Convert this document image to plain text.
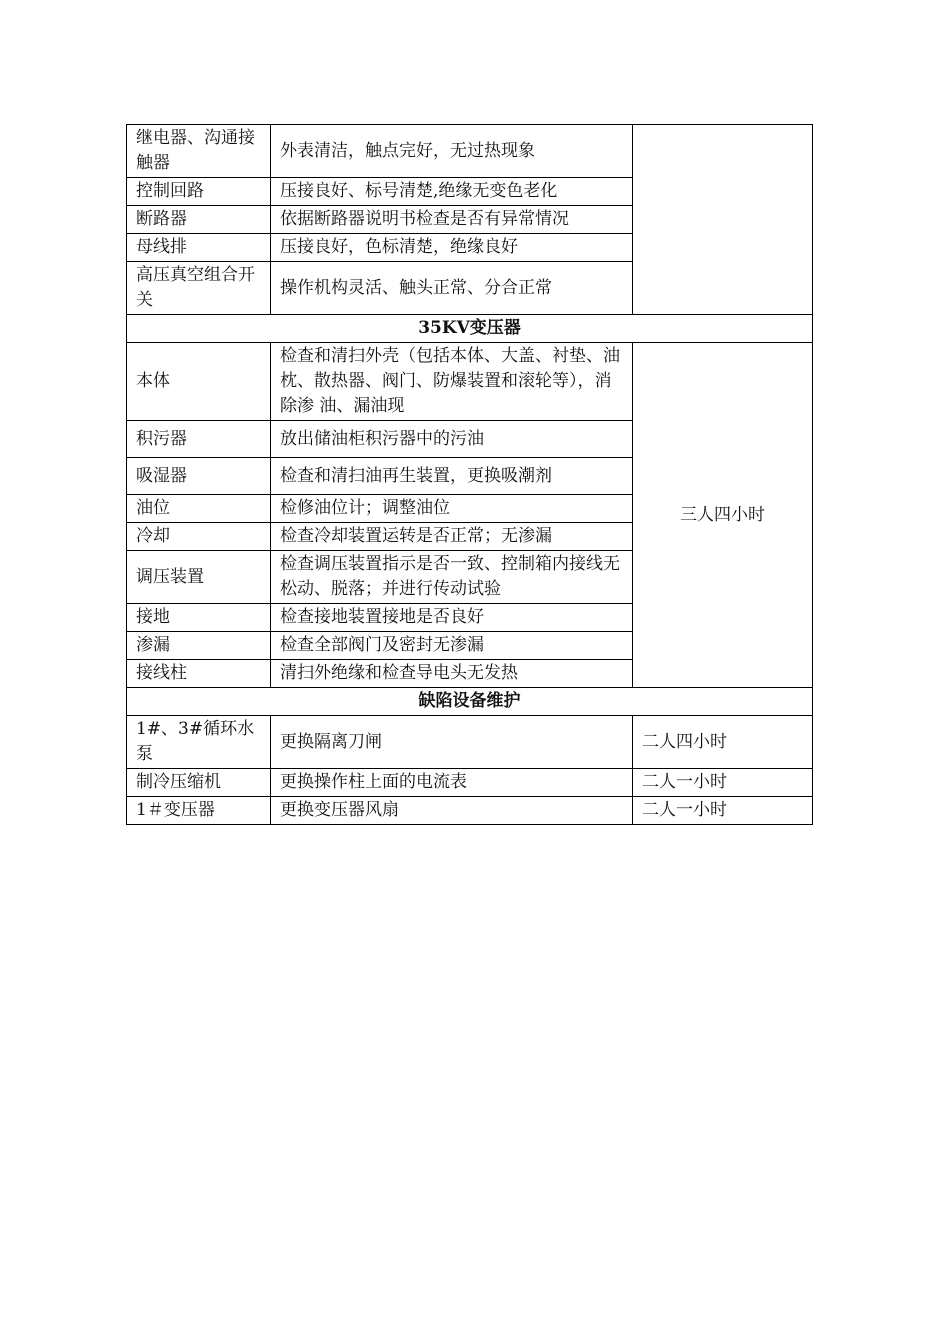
继电器、沟通接触器	外表清洁，触点完好，无过热现象	
控制回路	压接良好、标号清楚,绝缘无变色老化	
断路器	依据断路器说明书检查是否有异常情况	
母线排	压接良好，色标清楚，绝缘良好	
高压真空组合开关	操作机构灵活、触头正常、分合正常	
35KV变压器		
本体	检查和清扫外壳（包括本体、大盖、衬垫、油枕、散热器、阀门、防爆装置和滚轮等），消除渗 油、漏油现	三人四小时
积污器	放出储油柜积污器中的污油	
吸湿器	检查和清扫油再生装置，更换吸潮剂	
油位	检修油位计；调整油位	
冷却	检查冷却装置运转是否正常；无渗漏	
调压装置	检查调压装置指示是否一致、控制箱内接线无松动、脱落；并进行传动试验	
接地	检查接地装置接地是否良好	
渗漏	检查全部阀门及密封无渗漏	
接线柱	清扫外绝缘和检查导电头无发热	
缺陷设备维护		
1#、3#循环水泵	更换隔离刀闸	二人四小时
制冷压缩机	更换操作柱上面的电流表	二人一小时
1＃变压器	更换变压器风扇	二人一小时
